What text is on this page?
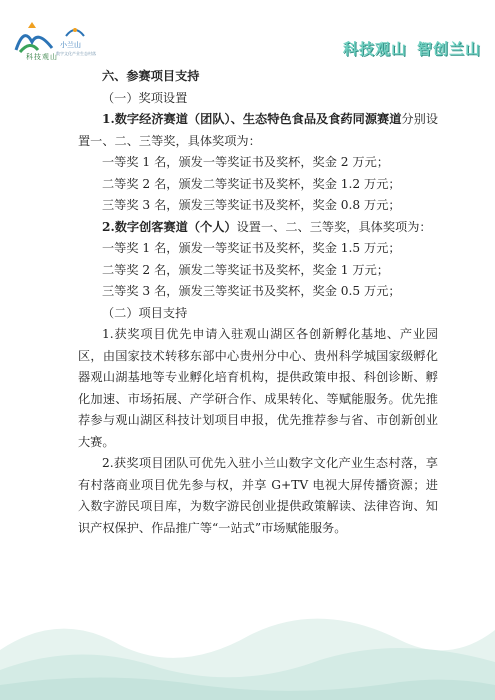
科技观山
小兰山
数字文化产业生态村落	科技观山 智创兰山

六、参赛项目支持

（一）奖项设置

1.数字经济赛道（团队）、生态特色食品及食药同源赛道分别设置一、二、三等奖，具体奖项为：

一等奖 1 名，颁发一等奖证书及奖杯，奖金 2 万元；

二等奖 2 名，颁发二等奖证书及奖杯，奖金 1.2 万元；

三等奖 3 名，颁发三等奖证书及奖杯，奖金 0.8 万元；

2.数字创客赛道（个人）设置一、二、三等奖，具体奖项为：

一等奖 1 名，颁发一等奖证书及奖杯，奖金 1.5 万元；

二等奖 2 名，颁发二等奖证书及奖杯，奖金 1 万元；

三等奖 3 名，颁发三等奖证书及奖杯，奖金 0.5 万元；

（二）项目支持

1.获奖项目优先申请入驻观山湖区各创新孵化基地、产业园区，由国家技术转移东部中心贵州分中心、贵州科学城国家级孵化器观山湖基地等专业孵化培育机构，提供政策申报、科创诊断、孵化加速、市场拓展、产学研合作、成果转化、等赋能服务。优先推荐参与观山湖区科技计划项目申报，优先推荐参与省、市创新创业大赛。

2.获奖项目团队可优先入驻小兰山数字文化产业生态村落，享有村落商业项目优先参与权，并享 G+TV 电视大屏传播资源；进入数字游民项目库，为数字游民创业提供政策解读、法律咨询、知识产权保护、作品推广等“一站式”市场赋能服务。
